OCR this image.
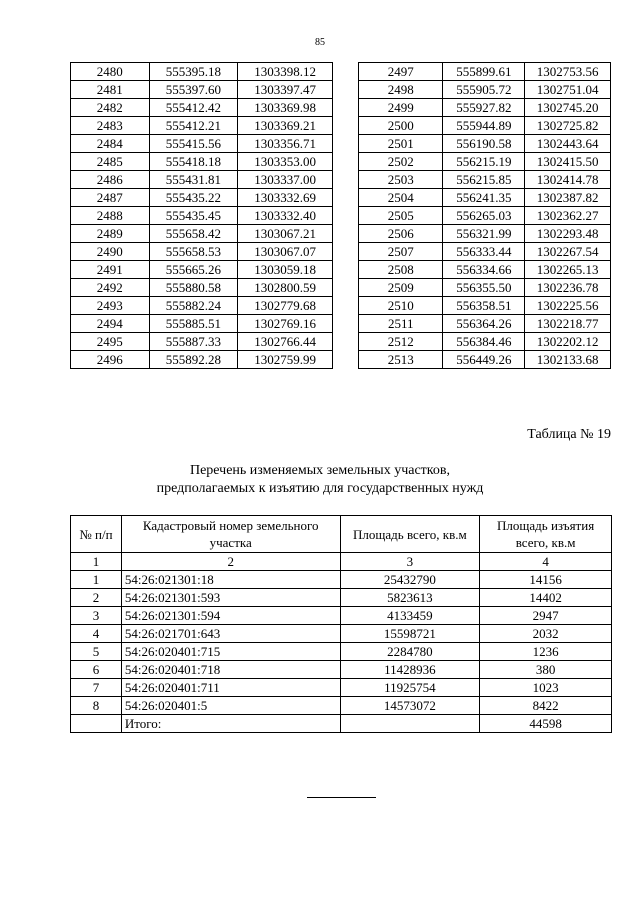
85
2480	555395.18	1303398.12
2481	555397.60	1303397.47
2482	555412.42	1303369.98
2483	555412.21	1303369.21
2484	555415.56	1303356.71
2485	555418.18	1303353.00
2486	555431.81	1303337.00
2487	555435.22	1303332.69
2488	555435.45	1303332.40
2489	555658.42	1303067.21
2490	555658.53	1303067.07
2491	555665.26	1303059.18
2492	555880.58	1302800.59
2493	555882.24	1302779.68
2494	555885.51	1302769.16
2495	555887.33	1302766.44
2496	555892.28	1302759.99
2497	555899.61	1302753.56
2498	555905.72	1302751.04
2499	555927.82	1302745.20
2500	555944.89	1302725.82
2501	556190.58	1302443.64
2502	556215.19	1302415.50
2503	556215.85	1302414.78
2504	556241.35	1302387.82
2505	556265.03	1302362.27
2506	556321.99	1302293.48
2507	556333.44	1302267.54
2508	556334.66	1302265.13
2509	556355.50	1302236.78
2510	556358.51	1302225.56
2511	556364.26	1302218.77
2512	556384.46	1302202.12
2513	556449.26	1302133.68
Таблица № 19
Перечень изменяемых земельных участков,
предполагаемых к изъятию для государственных нужд
№ п/п	Кадастровый номер земельного участка	Площадь всего, кв.м	Площадь изъятия всего, кв.м
1	2	3	4
1	54:26:021301:18	25432790	14156
2	54:26:021301:593	5823613	14402
3	54:26:021301:594	4133459	2947
4	54:26:021701:643	15598721	2032
5	54:26:020401:715	2284780	1236
6	54:26:020401:718	11428936	380
7	54:26:020401:711	11925754	1023
8	54:26:020401:5	14573072	8422
	Итого:		44598
